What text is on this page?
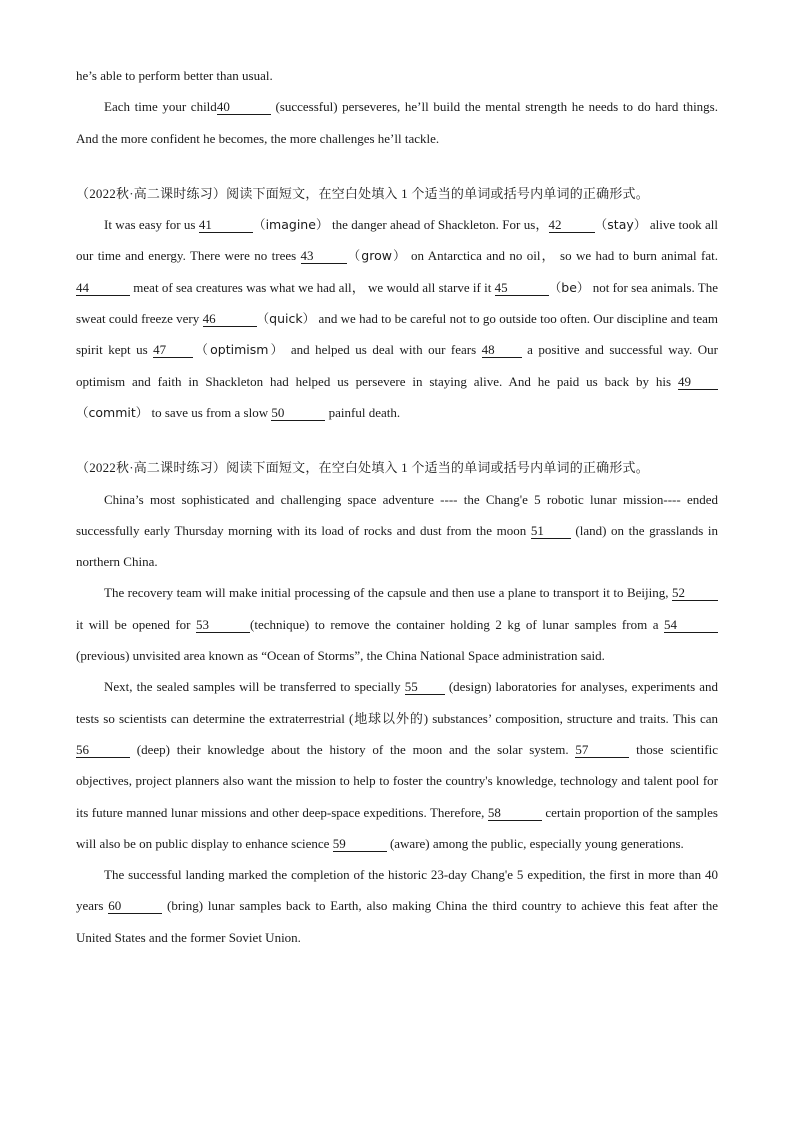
he’s able to perform better than usual.

Each time your child40	(successful) perseveres, he’ll build the mental strength he needs to do hard things. And the more confident he becomes, the more challenges he’ll tackle.

（2022秋·高二课时练习）阅读下面短文，在空白处填入 1 个适当的单词或括号内单词的正确形式。

It was easy for us 41	（imagine） the danger ahead of Shackleton. For us，42	（stay） alive took all our time and energy. There were no trees 43	（grow） on Antarctica and no oil， so we had to burn animal fat. 44	meat of sea creatures was what we had all， we would all starve if it 45	（be） not for sea animals. The sweat could freeze very 46	（quick） and we had to be careful not to go outside too often. Our discipline and team spirit kept us 47 （optimism） and helped us deal with our fears 48 a positive and successful way. Our optimism and faith in Shackleton had helped us persevere in staying alive. And he paid us back by his 49（commit） to save us from a slow 50	painful death.

（2022秋·高二课时练习）阅读下面短文，在空白处填入 1 个适当的单词或括号内单词的正确形式。

China’s most sophisticated and challenging space adventure ---- the Chang'e 5 robotic lunar mission---- ended successfully early Thursday morning with its load of rocks and dust from the moon 51 (land) on the grasslands in northern China.

The recovery team will make initial processing of the capsule and then use a plane to transport it to Beijing, 52 it will be opened for 53	(technique) to remove the container holding 2 kg of lunar samples from a 54 (previous) unvisited area known as “Ocean of Storms”, the China National Space administration said.

Next, the sealed samples will be transferred to specially 55 (design) laboratories for analyses, experiments and tests so scientists can determine the extraterrestrial (地球以外的) substances’ composition, structure and traits. This can 56	(deep) their knowledge about the history of the moon and the solar system. 57	those scientific objectives, project planners also want the mission to help to foster the country's knowledge, technology and talent pool for its future manned lunar missions and other deep-space expeditions. Therefore, 58	certain proportion of the samples will also be on public display to enhance science 59	(aware) among the public, especially young generations.

The successful landing marked the completion of the historic 23-day Chang'e 5 expedition, the first in more than 40 years 60	(bring) lunar samples back to Earth, also making China the third country to achieve this feat after the United States and the former Soviet Union.
